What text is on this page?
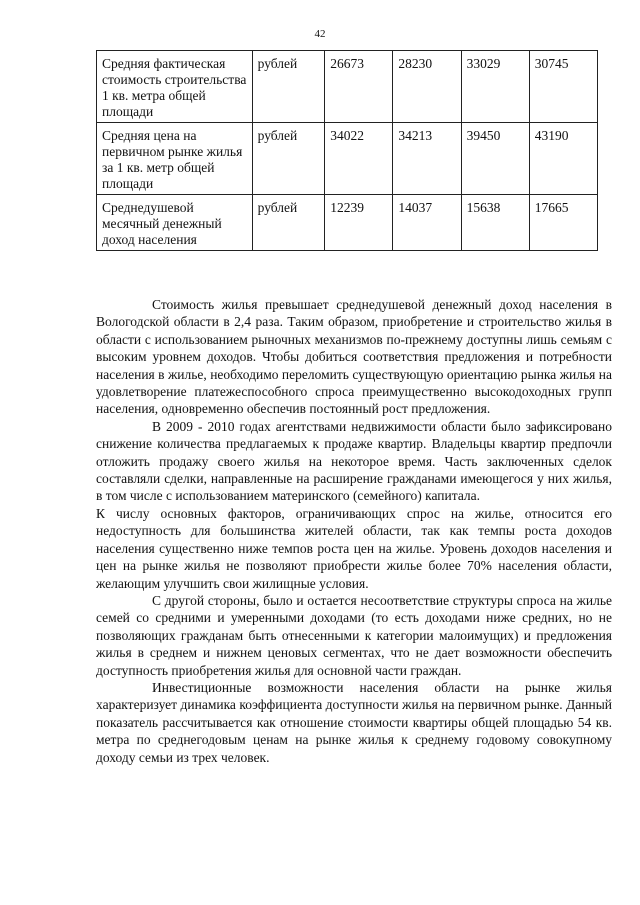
42
Средняя фактическая стоимость строительства 1 кв. метра общей площади	рублей	26673	28230	33029	30745
Средняя цена на первичном рынке жилья за 1 кв. метр общей площади	рублей	34022	34213	39450	43190
Среднедушевой месячный денежный доход населения	рублей	12239	14037	15638	17665

Стоимость жилья превышает среднедушевой денежный доход населения в Вологодской области в 2,4 раза. Таким образом, приобретение и строительство жилья в области с использованием рыночных механизмов по-прежнему доступны лишь семьям с высоким уровнем доходов. Чтобы добиться соответствия предложения и потребности населения в жилье, необходимо переломить существующую ориентацию рынка жилья на удовлетворение платежеспособного спроса преимущественно высокодоходных групп населения, одновременно обеспечив постоянный рост предложения.

В 2009 - 2010 годах агентствами недвижимости области было зафиксировано снижение количества предлагаемых к продаже квартир. Владельцы квартир предпочли отложить продажу своего жилья на некоторое время. Часть заключенных сделок составляли сделки, направленные на расширение гражданами имеющегося у них жилья, в том числе с использованием материнского (семейного) капитала.

К числу основных факторов, ограничивающих спрос на жилье, относится его недоступность для большинства жителей области, так как темпы роста доходов населения существенно ниже темпов роста цен на жилье. Уровень доходов населения и цен на рынке жилья не позволяют приобрести жилье более 70% населения области, желающим улучшить свои жилищные условия.

С другой стороны, было и остается несоответствие структуры спроса на жилье семей со средними и умеренными доходами (то есть доходами ниже средних, но не позволяющих гражданам быть отнесенными к категории малоимущих) и предложения жилья в среднем и нижнем ценовых сегментах, что не дает возможности обеспечить доступность приобретения жилья для основной части граждан.

Инвестиционные возможности населения области на рынке жилья характеризует динамика коэффициента доступности жилья на первичном рынке. Данный показатель рассчитывается как отношение стоимости квартиры общей площадью 54 кв. метра по среднегодовым ценам на рынке жилья к среднему годовому совокупному доходу семьи из трех человек.
